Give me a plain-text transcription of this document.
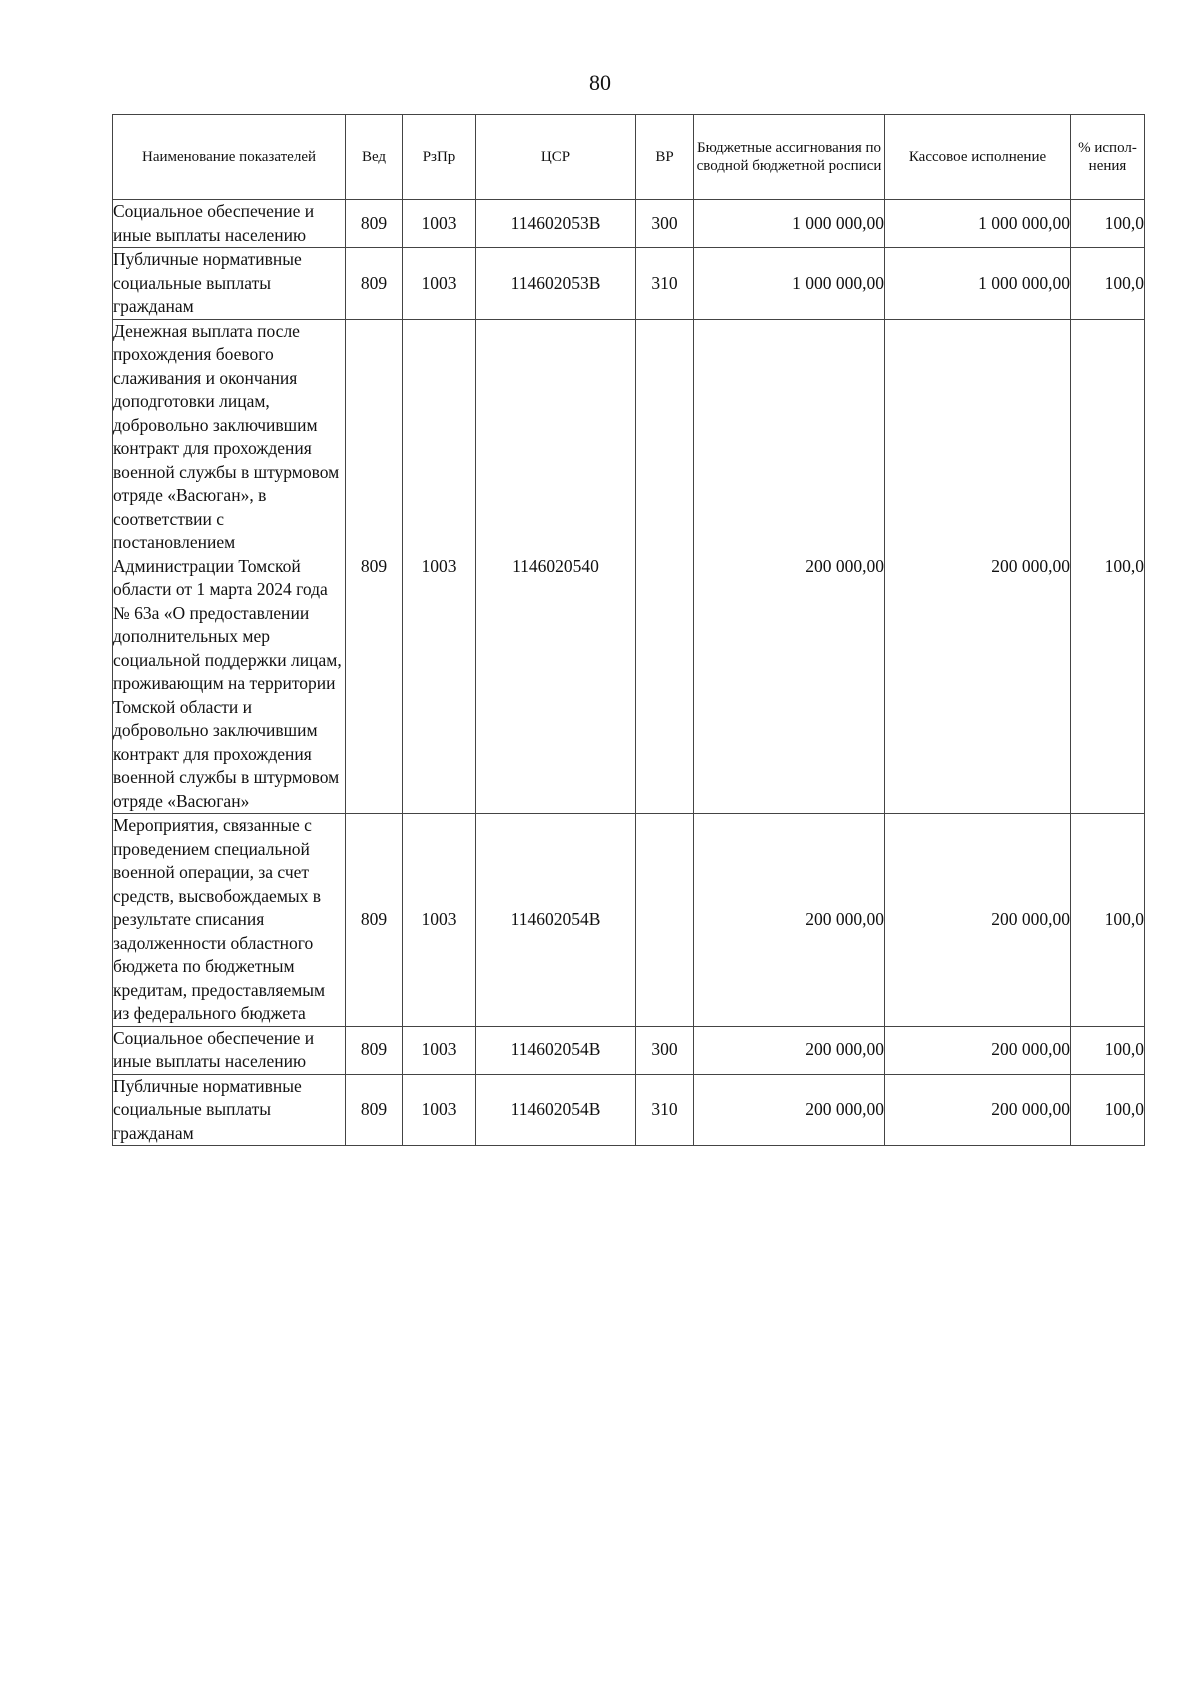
80
Наименование показателей	Вед	РзПр	ЦСР	ВР	Бюджетные ассигнования по сводной бюджетной росписи	Кассовое исполнение	% испол-нения
Социальное обеспечение и иные выплаты населению	809	1003	114602053В	300	1 000 000,00	1 000 000,00	100,0
Публичные нормативные социальные выплаты гражданам	809	1003	114602053В	310	1 000 000,00	1 000 000,00	100,0
Денежная выплата после прохождения боевого слаживания и окончания доподготовки лицам, добровольно заключившим контракт для прохождения военной службы в штурмовом отряде «Васюган», в соответствии с постановлением Администрации Томской области от 1 марта 2024 года № 63а «О предоставлении дополнительных мер социальной поддержки лицам, проживающим на территории Томской области и добровольно заключившим контракт для прохождения военной службы в штурмовом отряде «Васюган»	809	1003	1146020540		200 000,00	200 000,00	100,0
Мероприятия, связанные с проведением специальной военной операции, за счет средств, высвобождаемых в результате списания задолженности областного бюджета по бюджетным кредитам, предоставляемым из федерального бюджета	809	1003	114602054В		200 000,00	200 000,00	100,0
Социальное обеспечение и иные выплаты населению	809	1003	114602054В	300	200 000,00	200 000,00	100,0
Публичные нормативные социальные выплаты гражданам	809	1003	114602054В	310	200 000,00	200 000,00	100,0
